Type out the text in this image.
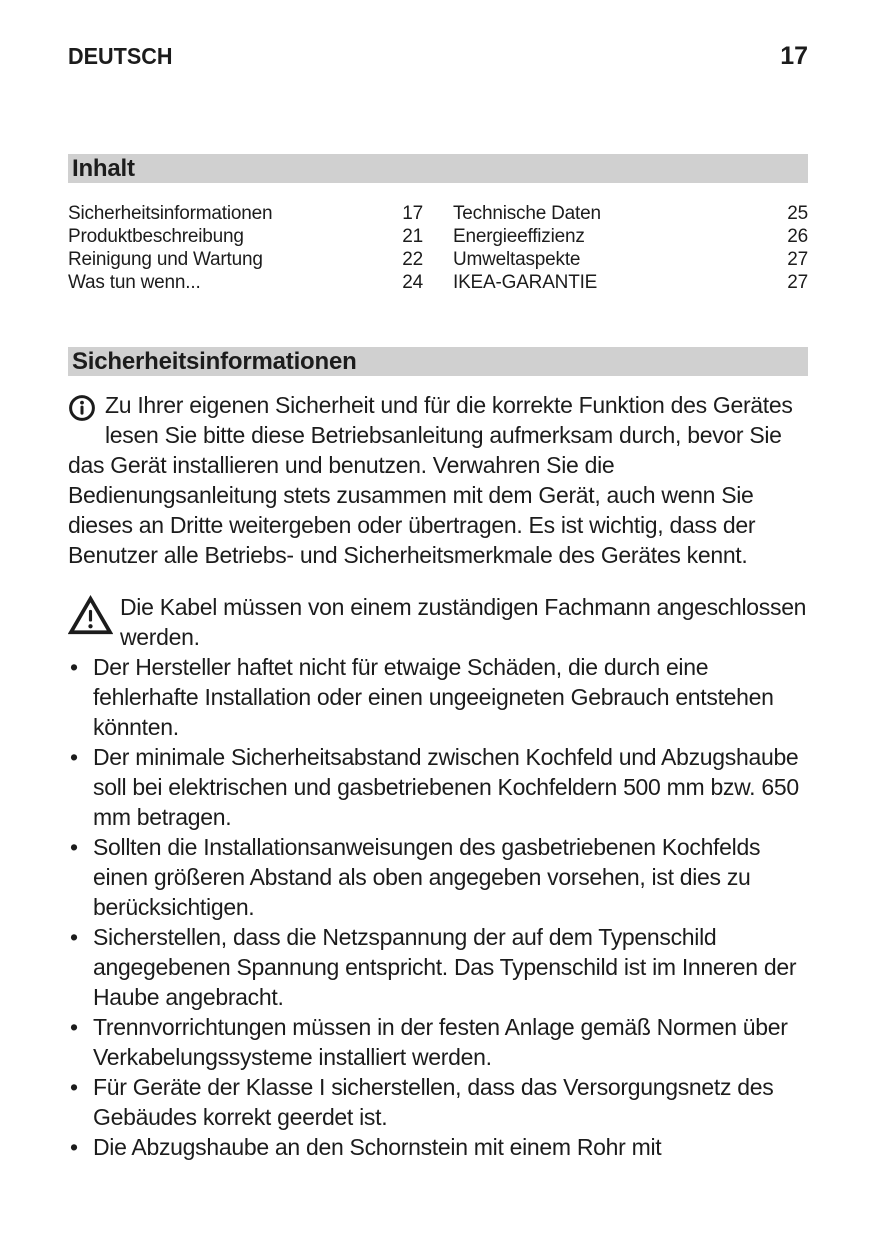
DEUTSCH	17
Inhalt
Sicherheitsinformationen	17
Produktbeschreibung	21
Reinigung und Wartung	22
Was tun wenn...	24
Technische Daten	25
Energieeffizienz	26
Umweltaspekte	27
IKEA-GARANTIE	27
Sicherheitsinformationen
Zu Ihrer eigenen Sicherheit und für die korrekte Funktion des Gerätes lesen Sie bitte diese Betriebsanleitung aufmerksam durch, bevor Sie das Gerät installieren und benutzen. Verwahren Sie die Bedienungsanleitung stets zusammen mit dem Gerät, auch wenn Sie dieses an Dritte weitergeben oder übertragen. Es ist wichtig, dass der Benutzer alle Betriebs- und Sicherheitsmerkmale des Gerätes kennt.
Die Kabel müssen von einem zuständigen Fachmann angeschlossen werden.
• Der Hersteller haftet nicht für etwaige Schäden, die durch eine fehlerhafte Installation oder einen ungeeigneten Gebrauch entstehen könnten.
• Der minimale Sicherheitsabstand zwischen Kochfeld und Abzugshaube soll bei elektrischen und gasbetriebenen Kochfeldern 500 mm bzw. 650 mm betragen.
• Sollten die Installationsanweisungen des gasbetriebenen Kochfelds einen größeren Abstand als oben angegeben vorsehen, ist dies zu berücksichtigen.
• Sicherstellen, dass die Netzspannung der auf dem Typenschild angegebenen Spannung entspricht. Das Typenschild ist im Inneren der Haube angebracht.
• Trennvorrichtungen müssen in der festen Anlage gemäß Normen über Verkabelungssysteme installiert werden.
• Für Geräte der Klasse I sicherstellen, dass das Versorgungsnetz des Gebäudes korrekt geerdet ist.
• Die Abzugshaube an den Schornstein mit einem Rohr mit
